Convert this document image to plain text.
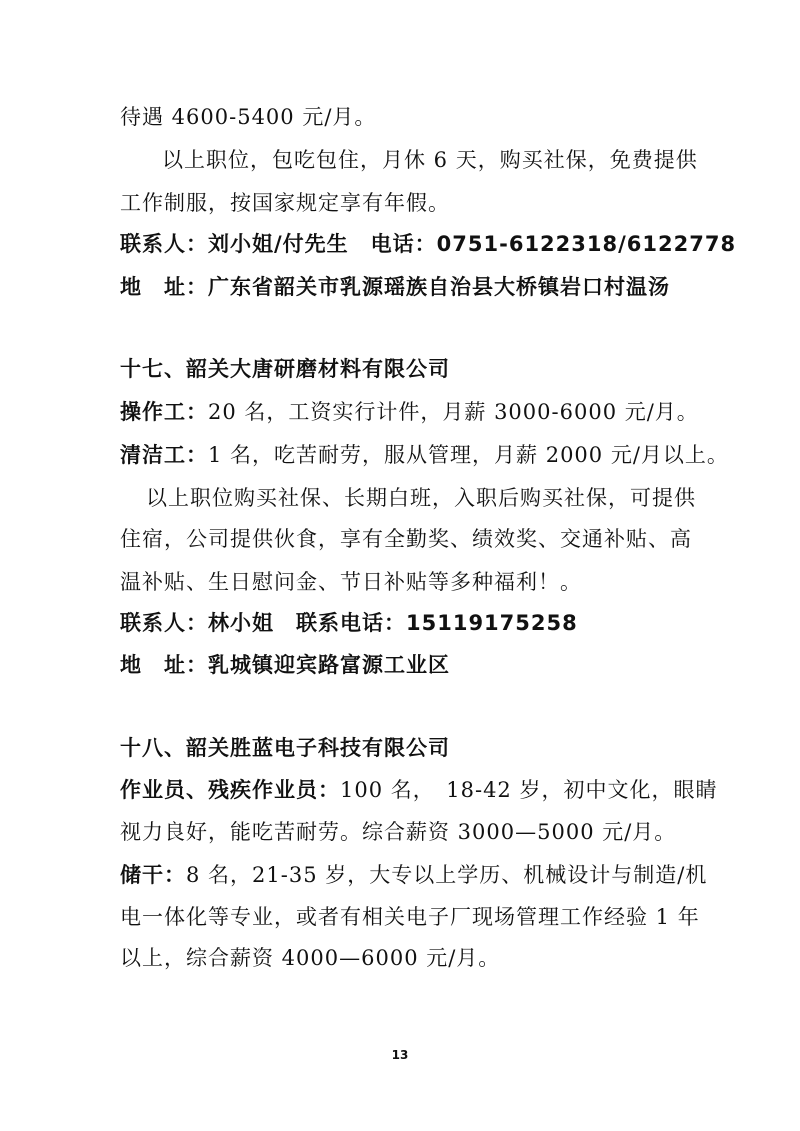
待遇 4600-5400 元/月。
以上职位，包吃包住，月休 6 天，购买社保，免费提供
工作制服，按国家规定享有年假。
联系人：刘小姐/付先生　电话：0751-6122318/6122778
地　址：广东省韶关市乳源瑶族自治县大桥镇岩口村温汤
十七、韶关大唐研磨材料有限公司
操作工：20 名，工资实行计件，月薪 3000-6000 元/月。
清洁工：1 名，吃苦耐劳，服从管理，月薪 2000 元/月以上。
以上职位购买社保、长期白班，入职后购买社保，可提供
住宿，公司提供伙食，享有全勤奖、绩效奖、交通补贴、高
温补贴、生日慰问金、节日补贴等多种福利！。
联系人：林小姐　联系电话：15119175258
地　址：乳城镇迎宾路富源工业区
十八、韶关胜蓝电子科技有限公司
作业员、残疾作业员：100 名，　18-42 岁，初中文化，眼睛
视力良好，能吃苦耐劳。综合薪资 3000—5000 元/月。
储干：8 名，21-35 岁，大专以上学历、机械设计与制造/机
电一体化等专业，或者有相关电子厂现场管理工作经验 1 年
以上，综合薪资 4000—6000 元/月。
13
